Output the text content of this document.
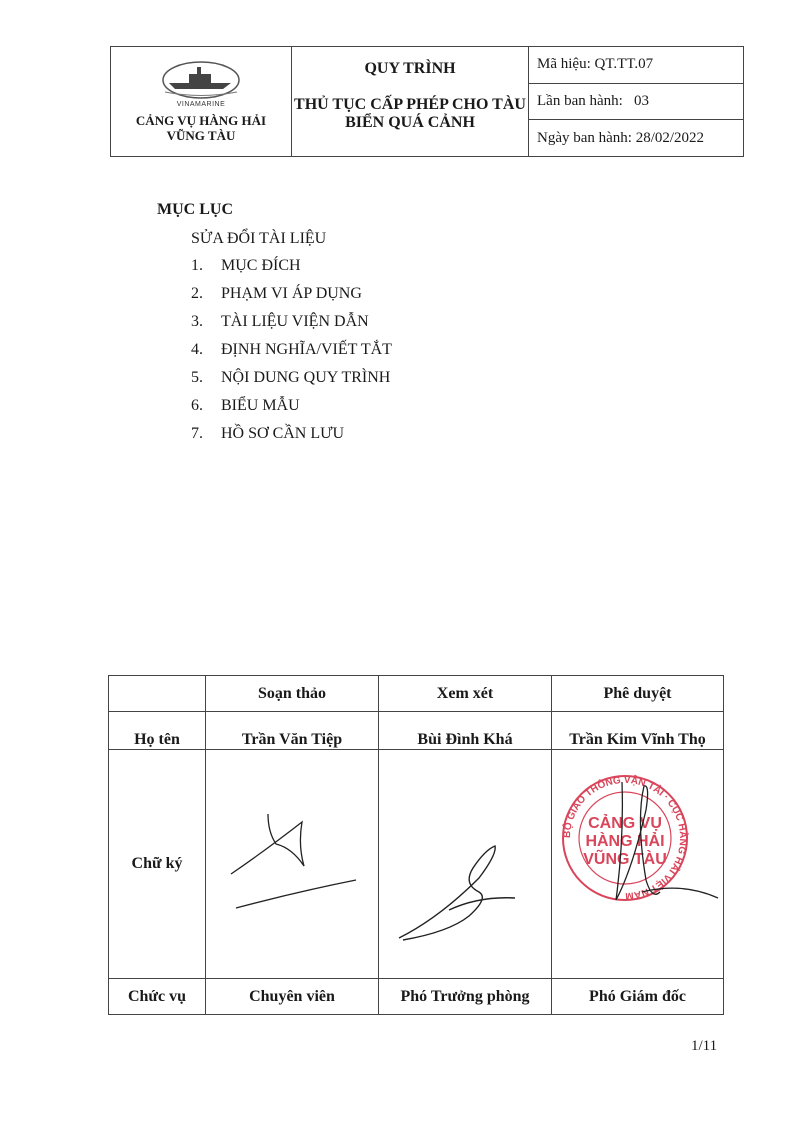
VINAMARINE
CẢNG VỤ HÀNG HẢI
VŨNG TÀU
QUY TRÌNH
THỦ TỤC CẤP PHÉP CHO TÀU BIỂN QUÁ CẢNH
Mã hiệu: QT.TT.07
Lần ban hành:   03
Ngày ban hành: 28/02/2022
MỤC LỤC
SỬA ĐỔI TÀI LIỆU
1.	MỤC ĐÍCH
2.	PHẠM VI ÁP DỤNG
3.	TÀI LIỆU VIỆN DẪN
4.	ĐỊNH NGHĨA/VIẾT TẮT
5.	NỘI DUNG QUY TRÌNH
6.	BIỂU MẪU
7.	HỒ SƠ CẦN LƯU
	Soạn thảo	Xem xét	Phê duyệt
Họ tên	Trần Văn Tiệp	Bùi Đình Khá	Trần Kim Vĩnh Thọ
Chữ ký			BỘ GIAO THÔNG VẬN TẢI · CỤC HÀNG HẢI VIỆT NAM
CẢNG VỤ
HÀNG HẢI
VŨNG TÀU

Chức vụ	Chuyên viên	Phó Trưởng phòng	Phó Giám đốc
1/11
